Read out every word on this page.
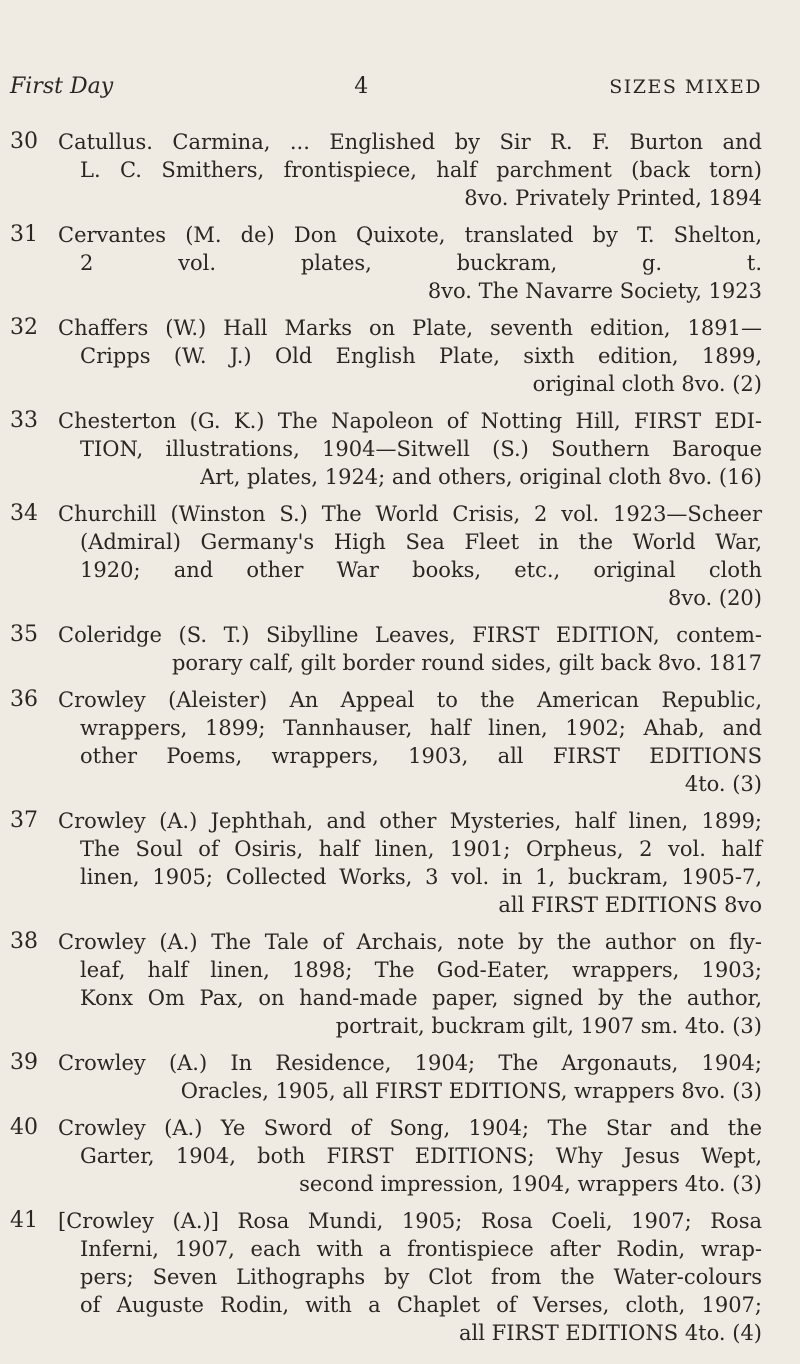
First Day	4	SIZES MIXED
30 Catullus. Carmina, ... Englished by Sir R. F. Burton and
L. C. Smithers, frontispiece, half parchment (back torn)
8vo. Privately Printed, 1894
31 Cervantes (M. de) Don Quixote, translated by T. Shelton,
2 vol. plates, buckram, g. t.
8vo. The Navarre Society, 1923
32 Chaffers (W.) Hall Marks on Plate, seventh edition, 1891—
Cripps (W. J.) Old English Plate, sixth edition, 1899,
original cloth 8vo. (2)
33 Chesterton (G. K.) The Napoleon of Notting Hill, FIRST EDI-
TION, illustrations, 1904—Sitwell (S.) Southern Baroque
Art, plates, 1924; and others, original cloth 8vo. (16)
34 Churchill (Winston S.) The World Crisis, 2 vol. 1923—Scheer
(Admiral) Germany's High Sea Fleet in the World War,
1920; and other War books, etc., original cloth
8vo. (20)
35 Coleridge (S. T.) Sibylline Leaves, FIRST EDITION, contem-
porary calf, gilt border round sides, gilt back 8vo. 1817
36 Crowley (Aleister) An Appeal to the American Republic,
wrappers, 1899; Tannhauser, half linen, 1902; Ahab, and
other Poems, wrappers, 1903, all FIRST EDITIONS
4to. (3)
37 Crowley (A.) Jephthah, and other Mysteries, half linen, 1899;
The Soul of Osiris, half linen, 1901; Orpheus, 2 vol. half
linen, 1905; Collected Works, 3 vol. in 1, buckram, 1905-7,
all FIRST EDITIONS 8vo
38 Crowley (A.) The Tale of Archais, note by the author on fly-
leaf, half linen, 1898; The God-Eater, wrappers, 1903;
Konx Om Pax, on hand-made paper, signed by the author,
portrait, buckram gilt, 1907 sm. 4to. (3)
39 Crowley (A.) In Residence, 1904; The Argonauts, 1904;
Oracles, 1905, all FIRST EDITIONS, wrappers 8vo. (3)
40 Crowley (A.) Ye Sword of Song, 1904; The Star and the
Garter, 1904, both FIRST EDITIONS; Why Jesus Wept,
second impression, 1904, wrappers 4to. (3)
41 [Crowley (A.)] Rosa Mundi, 1905; Rosa Coeli, 1907; Rosa
Inferni, 1907, each with a frontispiece after Rodin, wrap-
pers; Seven Lithographs by Clot from the Water-colours
of Auguste Rodin, with a Chaplet of Verses, cloth, 1907;
all FIRST EDITIONS 4to. (4)
